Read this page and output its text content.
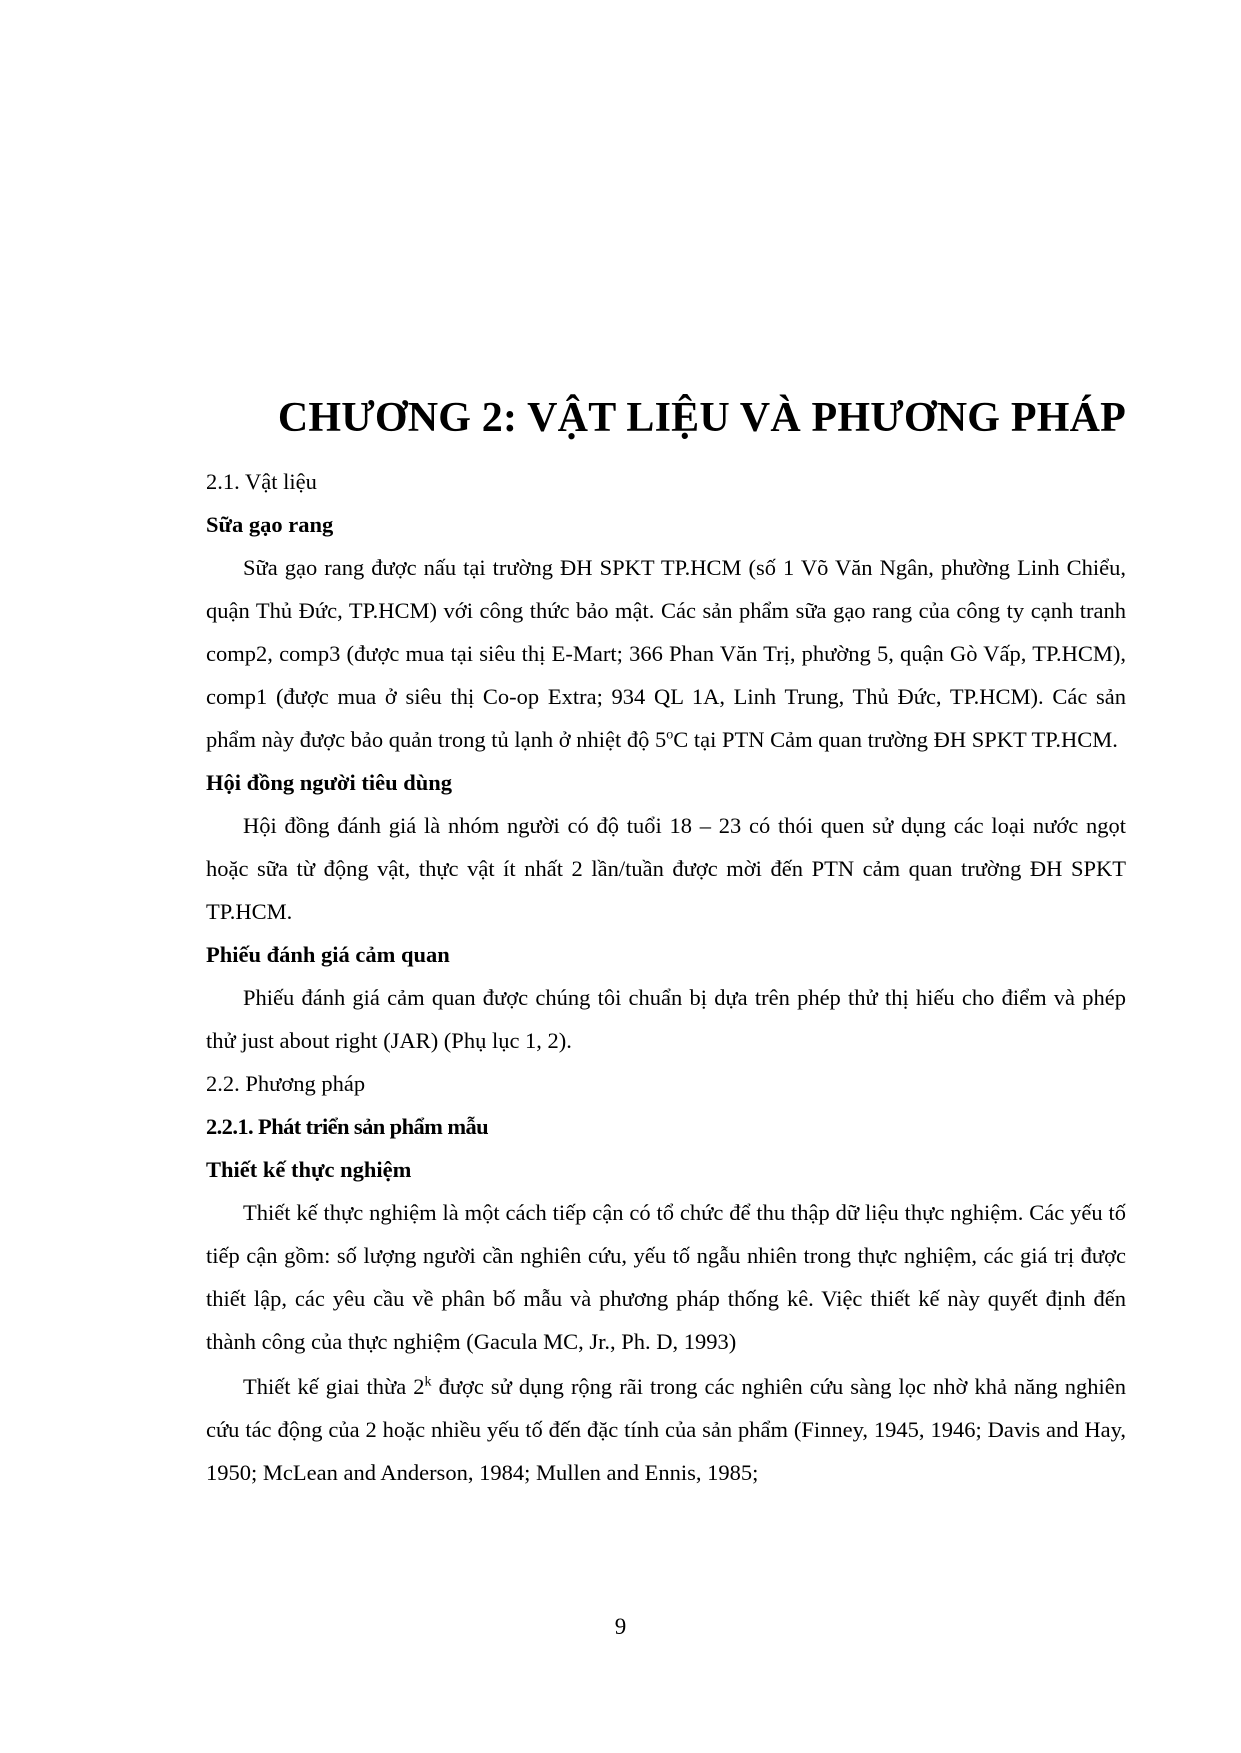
CHƯƠNG 2: VẬT LIỆU VÀ PHƯƠNG PHÁP

2.1. Vật liệu

Sữa gạo rang

Sữa gạo rang được nấu tại trường ĐH SPKT TP.HCM (số 1 Võ Văn Ngân, phường Linh Chiểu, quận Thủ Đức, TP.HCM) với công thức bảo mật. Các sản phẩm sữa gạo rang của công ty cạnh tranh comp2, comp3 (được mua tại siêu thị E-Mart; 366 Phan Văn Trị, phường 5, quận Gò Vấp, TP.HCM), comp1 (được mua ở siêu thị Co-op Extra; 934 QL 1A, Linh Trung, Thủ Đức, TP.HCM). Các sản phẩm này được bảo quản trong tủ lạnh ở nhiệt độ 5$^o$C tại PTN Cảm quan trường ĐH SPKT TP.HCM.

Hội đồng người tiêu dùng

Hội đồng đánh giá là nhóm người có độ tuổi 18 – 23 có thói quen sử dụng các loại nước ngọt hoặc sữa từ động vật, thực vật ít nhất 2 lần/tuần được mời đến PTN cảm quan trường ĐH SPKT TP.HCM.

Phiếu đánh giá cảm quan

Phiếu đánh giá cảm quan được chúng tôi chuẩn bị dựa trên phép thử thị hiếu cho điểm và phép thử just about right (JAR) (Phụ lục 1, 2).

2.2. Phương pháp

2.2.1. Phát triển sản phẩm mẫu

Thiết kế thực nghiệm

Thiết kế thực nghiệm là một cách tiếp cận có tổ chức để thu thập dữ liệu thực nghiệm. Các yếu tố tiếp cận gồm: số lượng người cần nghiên cứu, yếu tố ngẫu nhiên trong thực nghiệm, các giá trị được thiết lập, các yêu cầu về phân bố mẫu và phương pháp thống kê. Việc thiết kế này quyết định đến thành công của thực nghiệm (Gacula MC, Jr., Ph. D, 1993)

Thiết kế giai thừa 2$^k$ được sử dụng rộng rãi trong các nghiên cứu sàng lọc nhờ khả năng nghiên cứu tác động của 2 hoặc nhiều yếu tố đến đặc tính của sản phẩm (Finney, 1945, 1946; Davis and Hay, 1950; McLean and Anderson, 1984; Mullen and Ennis, 1985;

9
